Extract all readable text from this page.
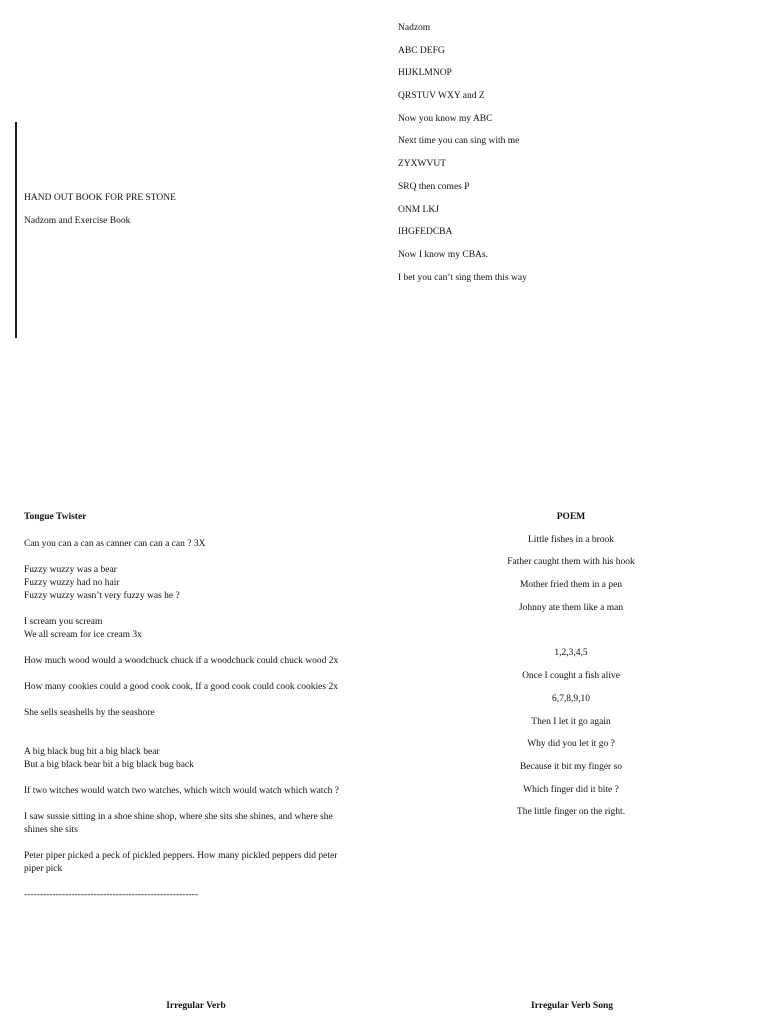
HAND OUT BOOK FOR PRE STONE
Nadzom and Exercise Book
Nadzom
ABC DEFG
HIJKLMNOP
QRSTUV WXY and Z
Now you know my ABC
Next time you can sing with me
ZYXWVUT
SRQ then comes P
ONM LKJ
IHGFEDCBA
Now I know my CBAs.
I bet you can’t sing them this way
Tongue Twister
Can you can a can as canner can can a can ? 3X
Fuzzy wuzzy was a bear
Fuzzy wuzzy had no hair
Fuzzy wuzzy wasn’t very fuzzy was he ?
I scream you scream
We all scream for ice cream 3x
How much wood would a woodchuck chuck if a woodchuck could chuck wood 2x
How many cookies could a good cook cook, If a good cook could cook cookies 2x
She sells seashells by the seashore
A big black bug bit a big black bear
But a big black bear bit a big black bug back
If two witches would watch two watches, which witch would watch which watch ?
I saw sussie sitting in a shoe shine shop, where she sits she shines, and where she
shines she sits
Peter piper picked a peck of pickled peppers. How many pickled peppers did peter
piper pick
-------------------------------------------------------
POEM
Little fishes in a brook
Father caught them with his hook
Mother fried them in a pen
Johnny ate them like a man
1,2,3,4,5
Once I cought a fish alive
6,7,8,9,10
Then I let it go again
Why did you let it go ?
Because it bit my finger so
Which finger did it bite ?
The little finger on the right.
Irregular Verb	Irregular Verb Song
